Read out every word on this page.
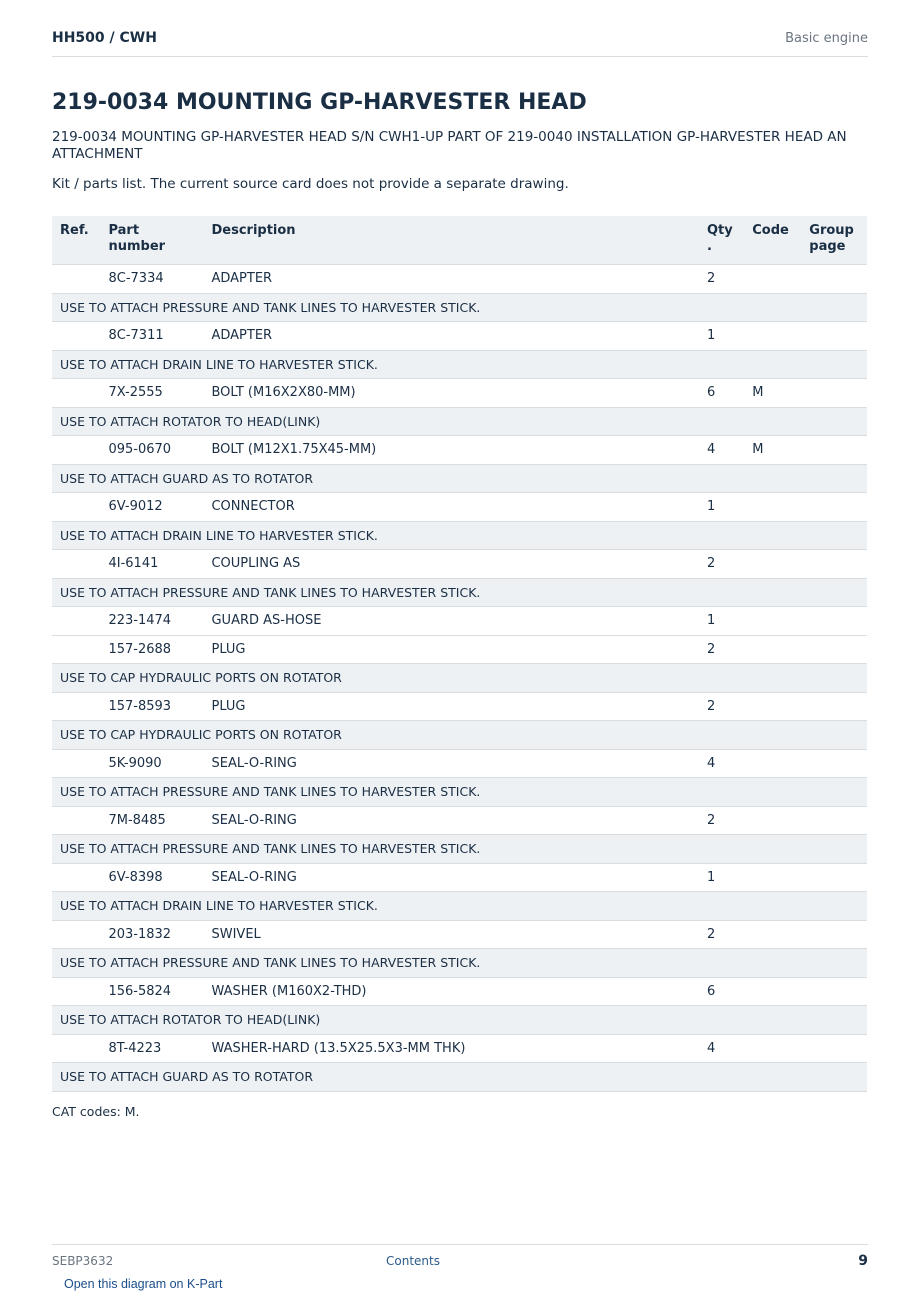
HH500 / CWH	Basic engine
219-0034 MOUNTING GP-HARVESTER HEAD

219-0034 MOUNTING GP-HARVESTER HEAD S/N CWH1-UP PART OF 219-0040 INSTALLATION GP-HARVESTER HEAD AN ATTACHMENT

Kit / parts list. The current source card does not provide a separate drawing.

Ref.	Part number	Description	Qty .	Code	Group page
	8C-7334	ADAPTER	2		
USE TO ATTACH PRESSURE AND TANK LINES TO HARVESTER STICK.					
	8C-7311	ADAPTER	1		
USE TO ATTACH DRAIN LINE TO HARVESTER STICK.					
	7X-2555	BOLT (M16X2X80-MM)	6	M	
USE TO ATTACH ROTATOR TO HEAD(LINK)					
	095-0670	BOLT (M12X1.75X45-MM)	4	M	
USE TO ATTACH GUARD AS TO ROTATOR					
	6V-9012	CONNECTOR	1		
USE TO ATTACH DRAIN LINE TO HARVESTER STICK.					
	4I-6141	COUPLING AS	2		
USE TO ATTACH PRESSURE AND TANK LINES TO HARVESTER STICK.					
	223-1474	GUARD AS-HOSE	1		
	157-2688	PLUG	2		
USE TO CAP HYDRAULIC PORTS ON ROTATOR					
	157-8593	PLUG	2		
USE TO CAP HYDRAULIC PORTS ON ROTATOR					
	5K-9090	SEAL-O-RING	4		
USE TO ATTACH PRESSURE AND TANK LINES TO HARVESTER STICK.					
	7M-8485	SEAL-O-RING	2		
USE TO ATTACH PRESSURE AND TANK LINES TO HARVESTER STICK.					
	6V-8398	SEAL-O-RING	1		
USE TO ATTACH DRAIN LINE TO HARVESTER STICK.					
	203-1832	SWIVEL	2		
USE TO ATTACH PRESSURE AND TANK LINES TO HARVESTER STICK.					
	156-5824	WASHER (M160X2-THD)	6		
USE TO ATTACH ROTATOR TO HEAD(LINK)					
	8T-4223	WASHER-HARD (13.5X25.5X3-MM THK)	4		
USE TO ATTACH GUARD AS TO ROTATOR					

CAT codes: M.

SEBP3632	Contents	9
Open this diagram on K-Part
